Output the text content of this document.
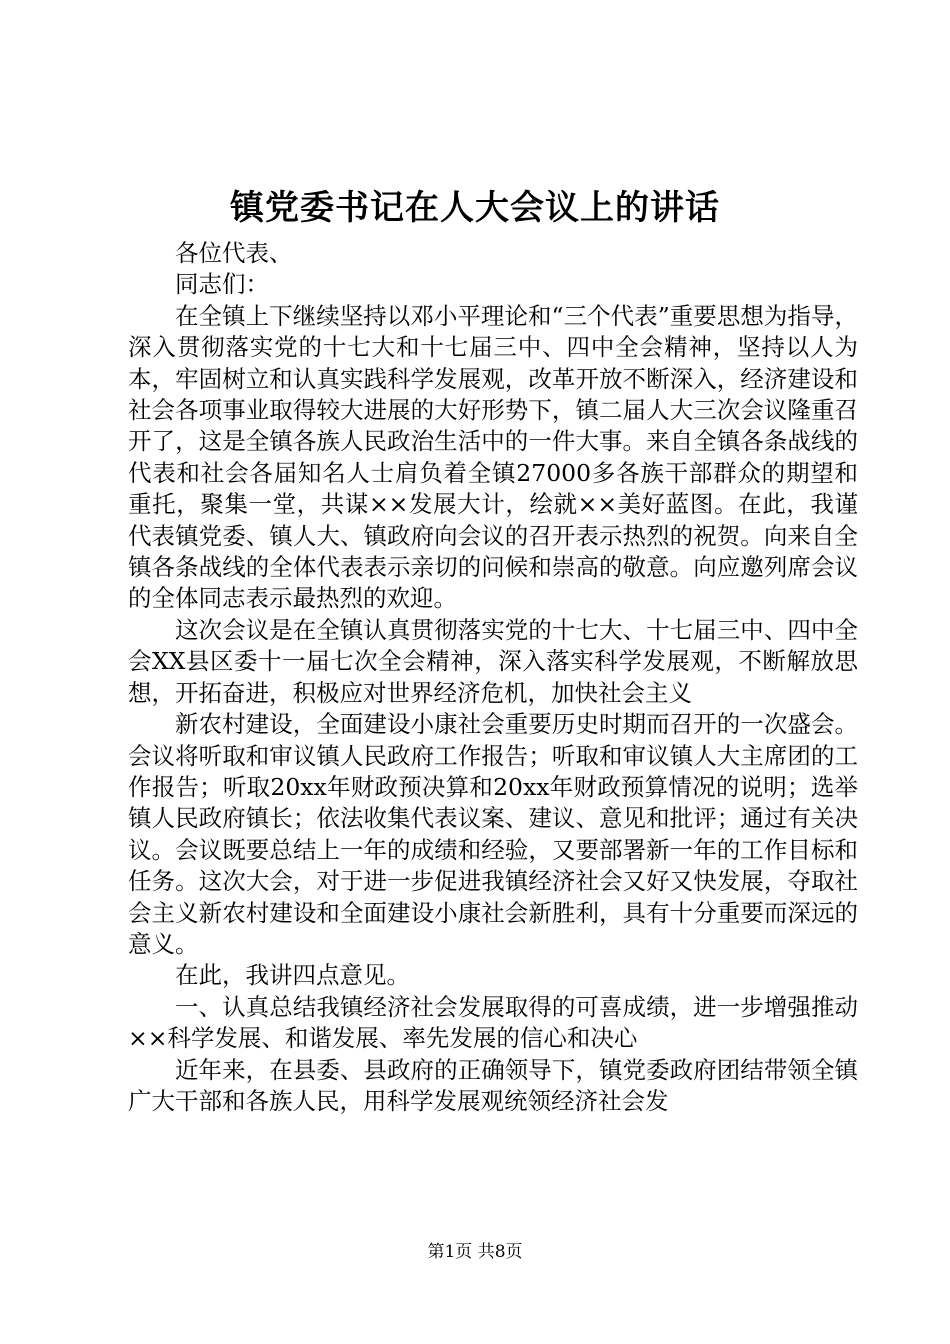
镇党委书记在人大会议上的讲话

各位代表、

同志们：

在全镇上下继续坚持以邓小平理论和“三个代表”重要思想为指导，深入贯彻落实党的十七大和十七届三中、四中全会精神，坚持以人为本，牢固树立和认真实践科学发展观，改革开放不断深入，经济建设和社会各项事业取得较大进展的大好形势下，镇二届人大三次会议隆重召开了，这是全镇各族人民政治生活中的一件大事。来自全镇各条战线的代表和社会各届知名人士肩负着全镇27000多各族干部群众的期望和重托，聚集一堂，共谋××发展大计，绘就××美好蓝图。在此，我谨代表镇党委、镇人大、镇政府向会议的召开表示热烈的祝贺。向来自全镇各条战线的全体代表表示亲切的问候和崇高的敬意。向应邀列席会议的全体同志表示最热烈的欢迎。

这次会议是在全镇认真贯彻落实党的十七大、十七届三中、四中全会XX县区委十一届七次全会精神，深入落实科学发展观，不断解放思想，开拓奋进，积极应对世界经济危机，加快社会主义

新农村建设，全面建设小康社会重要历史时期而召开的一次盛会。会议将听取和审议镇人民政府工作报告；听取和审议镇人大主席团的工作报告；听取20xx年财政预决算和20xx年财政预算情况的说明；选举镇人民政府镇长；依法收集代表议案、建议、意见和批评；通过有关决议。会议既要总结上一年的成绩和经验，又要部署新一年的工作目标和任务。这次大会，对于进一步促进我镇经济社会又好又快发展，夺取社会主义新农村建设和全面建设小康社会新胜利，具有十分重要而深远的意义。

在此，我讲四点意见。

一、认真总结我镇经济社会发展取得的可喜成绩，进一步增强推动××科学发展、和谐发展、率先发展的信心和决心

近年来，在县委、县政府的正确领导下，镇党委政府团结带领全镇广大干部和各族人民，用科学发展观统领经济社会发

第1页 共8页
